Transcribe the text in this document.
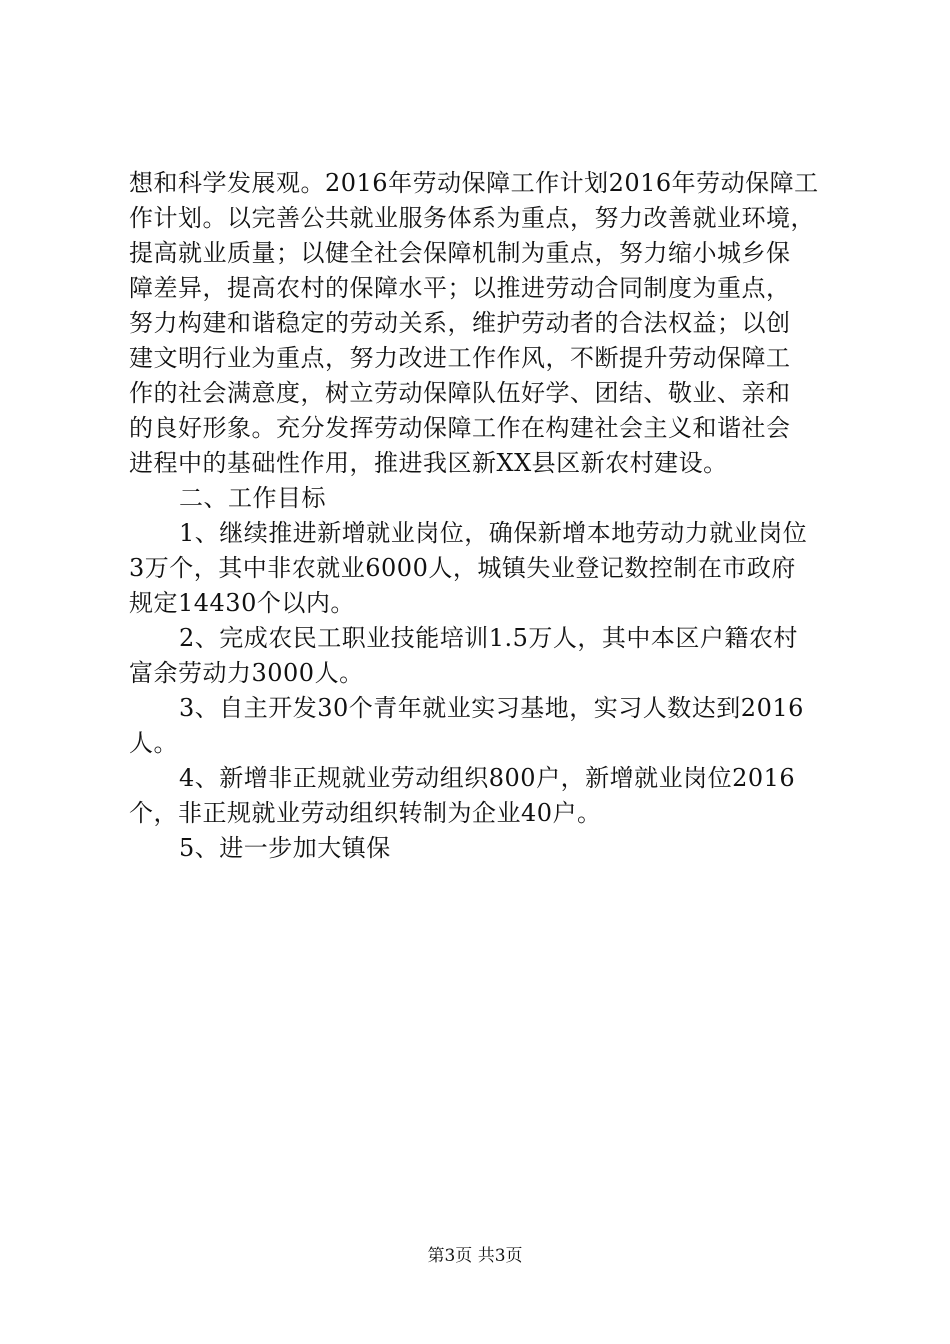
想和科学发展观。2016年劳动保障工作计划2016年劳动保障工
作计划。以完善公共就业服务体系为重点，努力改善就业环境，
提高就业质量；以健全社会保障机制为重点，努力缩小城乡保
障差异，提高农村的保障水平；以推进劳动合同制度为重点，
努力构建和谐稳定的劳动关系，维护劳动者的合法权益；以创
建文明行业为重点，努力改进工作作风，不断提升劳动保障工
作的社会满意度，树立劳动保障队伍好学、团结、敬业、亲和
的良好形象。充分发挥劳动保障工作在构建社会主义和谐社会
进程中的基础性作用，推进我区新XX县区新农村建设。
二、工作目标
1、继续推进新增就业岗位，确保新增本地劳动力就业岗位
3万个，其中非农就业6000人，城镇失业登记数控制在市政府
规定14430个以内。
2、完成农民工职业技能培训1.5万人，其中本区户籍农村
富余劳动力3000人。
3、自主开发30个青年就业实习基地，实习人数达到2016
人。
4、新增非正规就业劳动组织800户，新增就业岗位2016
个，非正规就业劳动组织转制为企业40户。
5、进一步加大镇保
第3页 共3页
